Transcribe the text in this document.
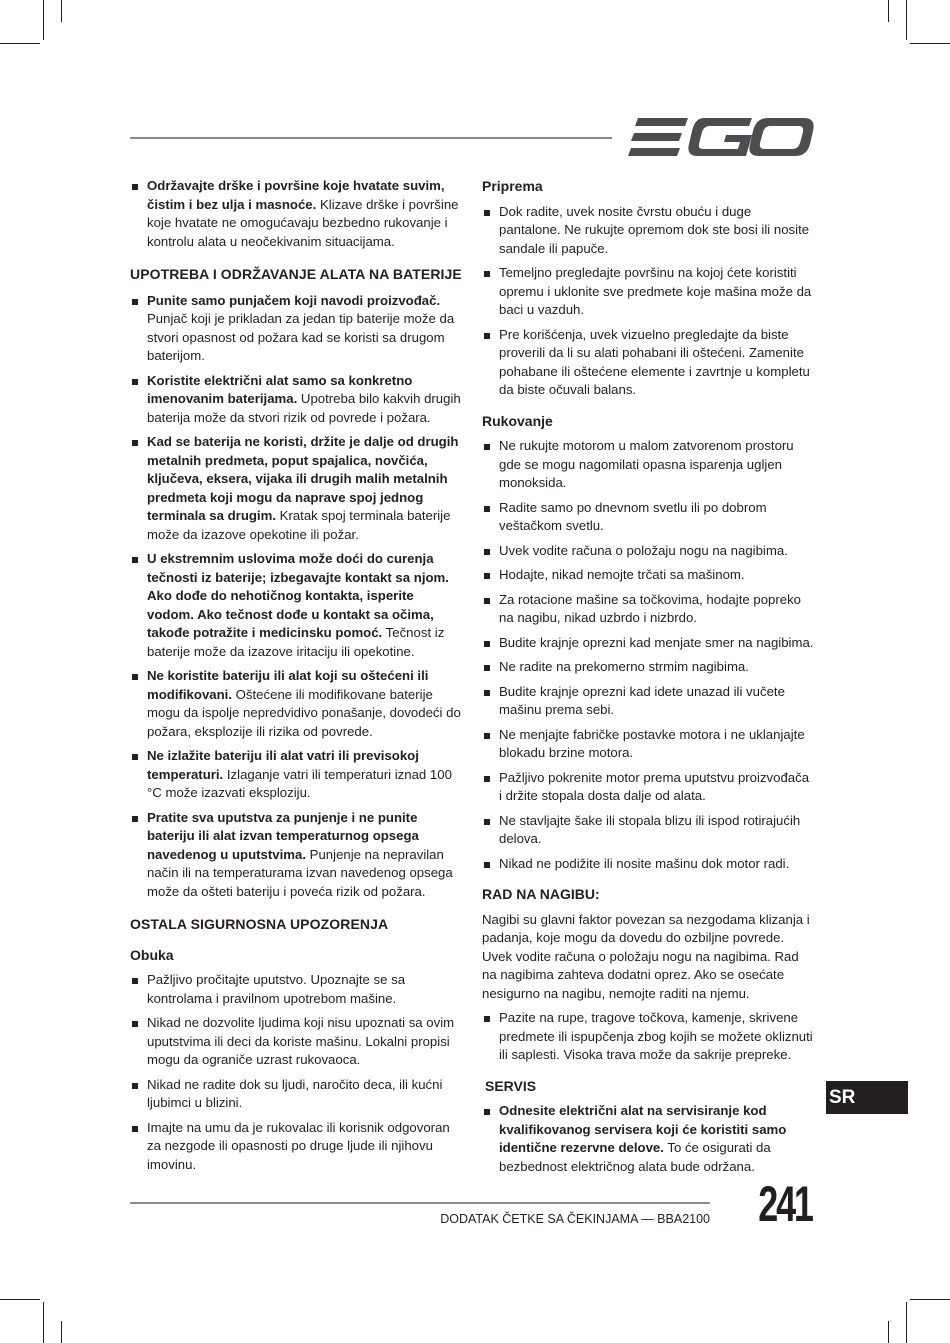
Održavajte drške i površine koje hvatate suvim, čistim i bez ulja i masnoće. Klizave drške i površine koje hvatate ne omogućavaju bezbedno rukovanje i kontrolu alata u neočekivanim situacijama.
UPOTREBA I ODRŽAVANJE ALATA NA BATERIJE
Punite samo punjačem koji navodi proizvođač. Punjač koji je prikladan za jedan tip baterije može da stvori opasnost od požara kad se koristi sa drugom baterijom.
Koristite električni alat samo sa konkretno imenovanim baterijama. Upotreba bilo kakvih drugih baterija može da stvori rizik od povrede i požara.
Kad se baterija ne koristi, držite je dalje od drugih metalnih predmeta, poput spajalica, novčića, ključeva, eksera, vijaka ili drugih malih metalnih predmeta koji mogu da naprave spoj jednog terminala sa drugim. Kratak spoj terminala baterije može da izazove opekotine ili požar.
U ekstremnim uslovima može doći do curenja tečnosti iz baterije; izbegavajte kontakt sa njom. Ako dođe do nehotičnog kontakta, isperite vodom. Ako tečnost dođe u kontakt sa očima, takođe potražite i medicinsku pomoć. Tečnost iz baterije može da izazove iritaciju ili opekotine.
Ne koristite bateriju ili alat koji su oštećeni ili modifikovani. Oštećene ili modifikovane baterije mogu da ispolje nepredvidivo ponašanje, dovodeći do požara, eksplozije ili rizika od povrede.
Ne izlažite bateriju ili alat vatri ili previsokoj temperaturi. Izlaganje vatri ili temperaturi iznad 100 °C može izazvati eksploziju.
Pratite sva uputstva za punjenje i ne punite bateriju ili alat izvan temperaturnog opsega navedenog u uputstvima. Punjenje na nepravilan način ili na temperaturama izvan navedenog opsega može da ošteti bateriju i poveća rizik od požara.
OSTALA SIGURNOSNA UPOZORENJA
Obuka
Pažljivo pročitajte uputstvo. Upoznajte se sa kontrolama i pravilnom upotrebom mašine.
Nikad ne dozvolite ljudima koji nisu upoznati sa ovim uputstvima ili deci da koriste mašinu. Lokalni propisi mogu da ograniče uzrast rukovaoca.
Nikad ne radite dok su ljudi, naročito deca, ili kućni ljubimci u blizini.
Imajte na umu da je rukovalac ili korisnik odgovoran za nezgode ili opasnosti po druge ljude ili njihovu imovinu.
Priprema
Dok radite, uvek nosite čvrstu obuću i duge pantalone. Ne rukujte opremom dok ste bosi ili nosite sandale ili papuče.
Temeljno pregledajte površinu na kojoj ćete koristiti opremu i uklonite sve predmete koje mašina može da baci u vazduh.
Pre korišćenja, uvek vizuelno pregledajte da biste proverili da li su alati pohabani ili oštećeni. Zamenite pohabane ili oštećene elemente i zavrtnje u kompletu da biste očuvali balans.
Rukovanje
Ne rukujte motorom u malom zatvorenom prostoru gde se mogu nagomilati opasna isparenja ugljen monoksida.
Radite samo po dnevnom svetlu ili po dobrom veštačkom svetlu.
Uvek vodite računa o položaju nogu na nagibima.
Hodajte, nikad nemojte trčati sa mašinom.
Za rotacione mašine sa točkovima, hodajte popreko na nagibu, nikad uzbrdo i nizbrdo.
Budite krajnje oprezni kad menjate smer na nagibima.
Ne radite na prekomerno strmim nagibima.
Budite krajnje oprezni kad idete unazad ili vučete mašinu prema sebi.
Ne menjajte fabričke postavke motora i ne uklanjajte blokadu brzine motora.
Pažljivo pokrenite motor prema uputstvu proizvođača i držite stopala dosta dalje od alata.
Ne stavljajte šake ili stopala blizu ili ispod rotirajućih delova.
Nikad ne podižite ili nosite mašinu dok motor radi.
RAD NA NAGIBU:
Nagibi su glavni faktor povezan sa nezgodama klizanja i padanja, koje mogu da dovedu do ozbiljne povrede. Uvek vodite računa o položaju nogu na nagibima. Rad na nagibima zahteva dodatni oprez. Ako se osećate nesigurno na nagibu, nemojte raditi na njemu.
Pazite na rupe, tragove točkova, kamenje, skrivene predmete ili ispupčenja zbog kojih se možete okliznuti ili saplesti. Visoka trava može da sakrije prepreke.
SERVIS
Odnesite električni alat na servisiranje kod kvalifikovanog servisera koji će koristiti samo identične rezervne delove. To će osigurati da bezbednost električnog alata bude održana.
SR
DODATAK ČETKE SA ČEKINJAMA — BBA2100 241
